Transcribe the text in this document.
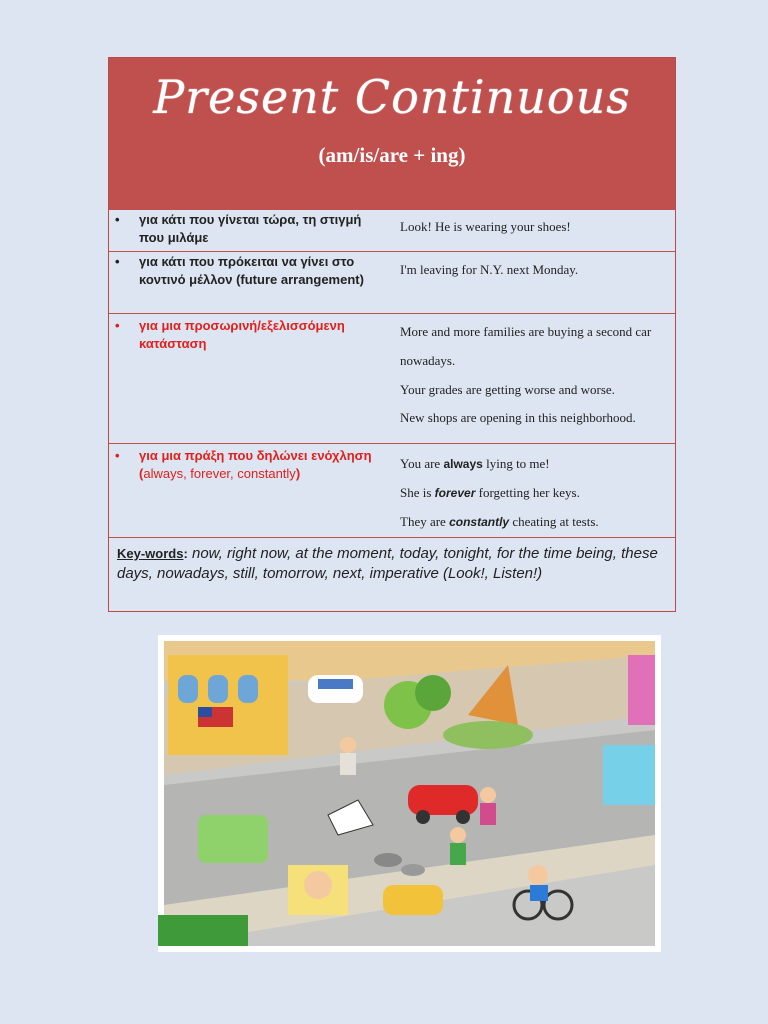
Present Continuous
(am/is/are + ing)
• για κάτι που γίνεται τώρα, τη στιγμή που μιλάμε
Look! He is wearing your shoes!
• για κάτι που πρόκειται να γίνει στο κοντινό μέλλον (future arrangement)
I'm leaving for N.Y. next Monday.
• για μια προσωρινή/εξελισσόμενη κατάσταση
More and more families are buying a second car
nowadays.
Your grades are getting worse and worse.
New shops are opening in this neighborhood.
• για μια πράξη που δηλώνει ενόχληση (always, forever, constantly)
You are always lying to me!
She is forever forgetting her keys.
They are constantly cheating at tests.
Key-words: now, right now, at the moment, today, tonight, for the time being, these days, nowadays, still, tomorrow, next, imperative (Look!, Listen!)
